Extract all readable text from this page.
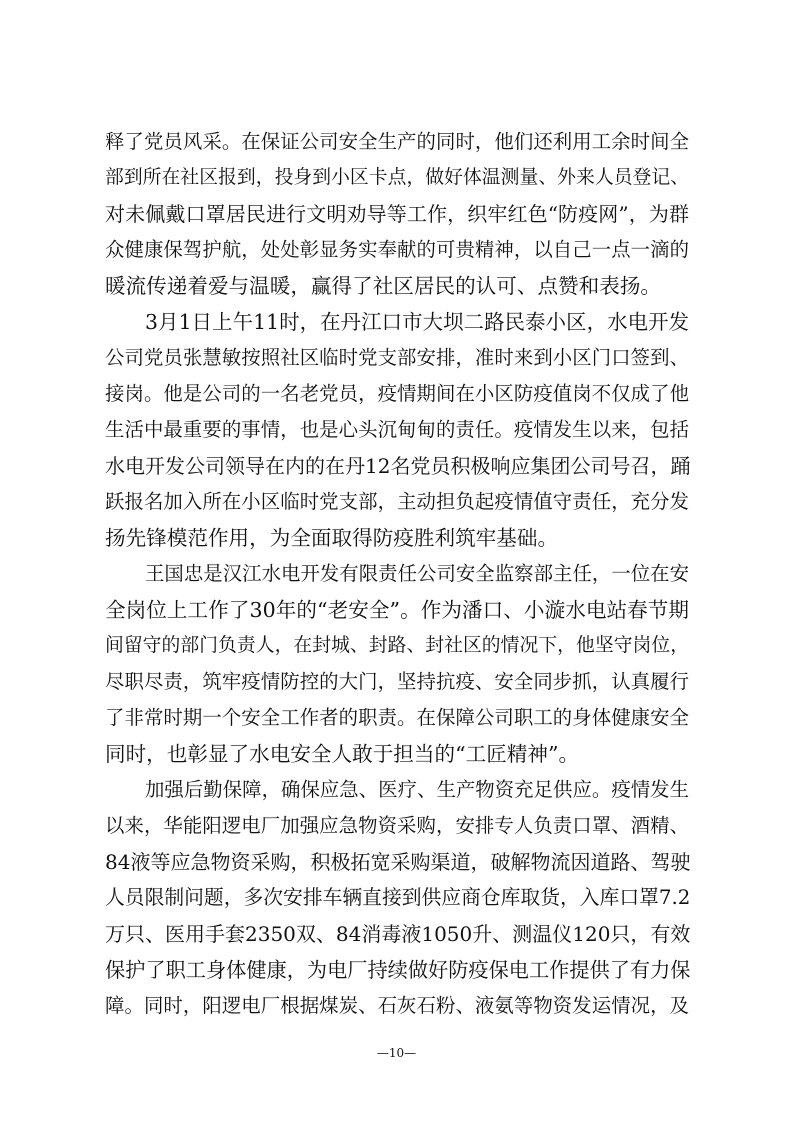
释了党员风采。在保证公司安全生产的同时，他们还利用工余时间全
部到所在社区报到，投身到小区卡点，做好体温测量、外来人员登记、
对未佩戴口罩居民进行文明劝导等工作，织牢红色“防疫网”，为群
众健康保驾护航，处处彰显务实奉献的可贵精神，以自己一点一滴的
暖流传递着爱与温暖，赢得了社区居民的认可、点赞和表扬。
3月1日上午11时，在丹江口市大坝二路民泰小区，水电开发
公司党员张慧敏按照社区临时党支部安排，准时来到小区门口签到、
接岗。他是公司的一名老党员，疫情期间在小区防疫值岗不仅成了他
生活中最重要的事情，也是心头沉甸甸的责任。疫情发生以来，包括
水电开发公司领导在内的在丹12名党员积极响应集团公司号召，踊
跃报名加入所在小区临时党支部，主动担负起疫情值守责任，充分发
扬先锋模范作用，为全面取得防疫胜利筑牢基础。
王国忠是汉江水电开发有限责任公司安全监察部主任，一位在安
全岗位上工作了30年的“老安全”。作为潘口、小漩水电站春节期
间留守的部门负责人，在封城、封路、封社区的情况下，他坚守岗位，
尽职尽责，筑牢疫情防控的大门，坚持抗疫、安全同步抓，认真履行
了非常时期一个安全工作者的职责。在保障公司职工的身体健康安全
同时，也彰显了水电安全人敢于担当的“工匠精神”。
加强后勤保障，确保应急、医疗、生产物资充足供应。疫情发生
以来，华能阳逻电厂加强应急物资采购，安排专人负责口罩、酒精、
84液等应急物资采购，积极拓宽采购渠道，破解物流因道路、驾驶
人员限制问题，多次安排车辆直接到供应商仓库取货，入库口罩7.2
万只、医用手套2350双、84消毒液1050升、测温仪120只，有效
保护了职工身体健康，为电厂持续做好防疫保电工作提供了有力保
障。同时，阳逻电厂根据煤炭、石灰石粉、液氨等物资发运情况，及
—10—
